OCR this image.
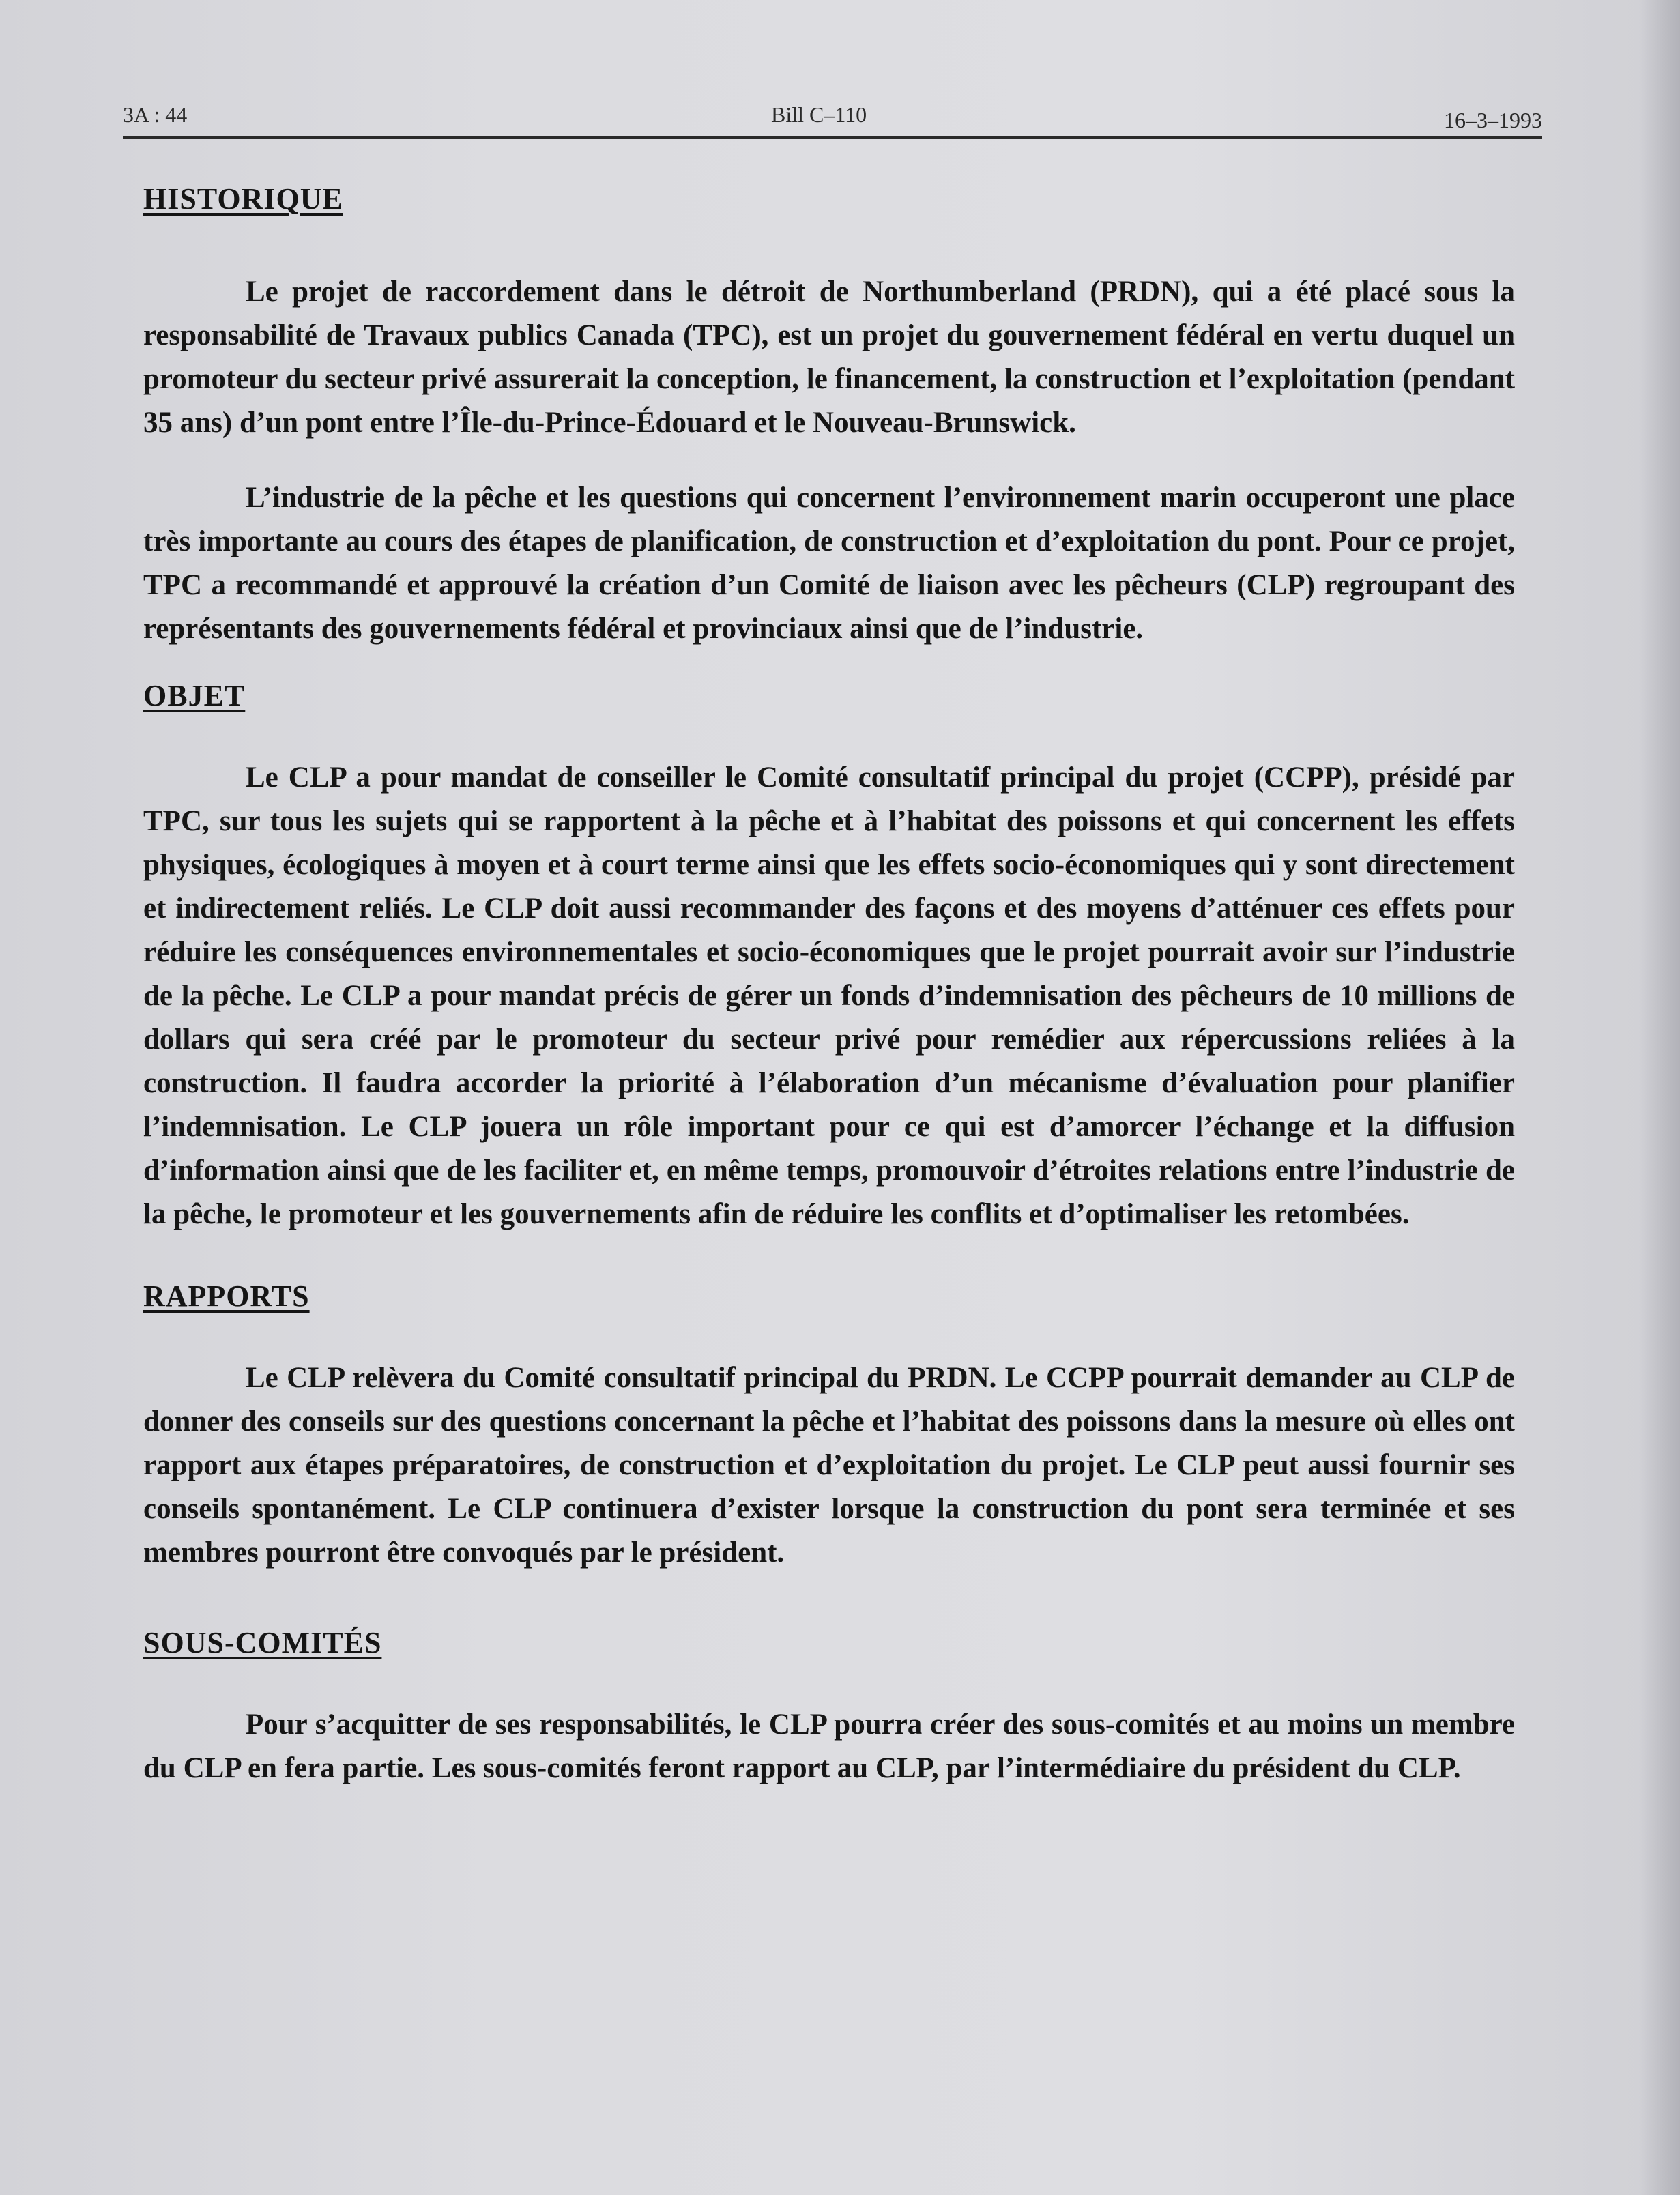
3A : 44	Bill C–110	16–3–1993
HISTORIQUE

Le projet de raccordement dans le détroit de Northumberland (PRDN), qui a été placé sous la responsabilité de Travaux publics Canada (TPC), est un projet du gouvernement fédéral en vertu duquel un promoteur du secteur privé assurerait la conception, le financement, la construction et l’exploitation (pendant 35 ans) d’un pont entre l’Île-du-Prince-Édouard et le Nouveau-Brunswick.

L’industrie de la pêche et les questions qui concernent l’environnement marin occuperont une place très importante au cours des étapes de planification, de construction et d’exploitation du pont. Pour ce projet, TPC a recommandé et approuvé la création d’un Comité de liaison avec les pêcheurs (CLP) regroupant des représentants des gouvernements fédéral et provinciaux ainsi que de l’industrie.

OBJET

Le CLP a pour mandat de conseiller le Comité consultatif principal du projet (CCPP), présidé par TPC, sur tous les sujets qui se rapportent à la pêche et à l’habitat des poissons et qui concernent les effets physiques, écologiques à moyen et à court terme ainsi que les effets socio-économiques qui y sont directement et indirectement reliés. Le CLP doit aussi recommander des façons et des moyens d’atténuer ces effets pour réduire les conséquences environnementales et socio-économiques que le projet pourrait avoir sur l’industrie de la pêche. Le CLP a pour mandat précis de gérer un fonds d’indemnisation des pêcheurs de 10 millions de dollars qui sera créé par le promoteur du secteur privé pour remédier aux répercussions reliées à la construction. Il faudra accorder la priorité à l’élaboration d’un mécanisme d’évaluation pour planifier l’indemnisation. Le CLP jouera un rôle important pour ce qui est d’amorcer l’échange et la diffusion d’information ainsi que de les faciliter et, en même temps, promouvoir d’étroites relations entre l’industrie de la pêche, le promoteur et les gouvernements afin de réduire les conflits et d’optimaliser les retombées.

RAPPORTS

Le CLP relèvera du Comité consultatif principal du PRDN. Le CCPP pourrait demander au CLP de donner des conseils sur des questions concernant la pêche et l’habitat des poissons dans la mesure où elles ont rapport aux étapes préparatoires, de construction et d’exploitation du projet. Le CLP peut aussi fournir ses conseils spontanément. Le CLP continuera d’exister lorsque la construction du pont sera terminée et ses membres pourront être convoqués par le président.

SOUS-COMITÉS

Pour s’acquitter de ses responsabilités, le CLP pourra créer des sous-comités et au moins un membre du CLP en fera partie. Les sous-comités feront rapport au CLP, par l’intermédiaire du président du CLP.
